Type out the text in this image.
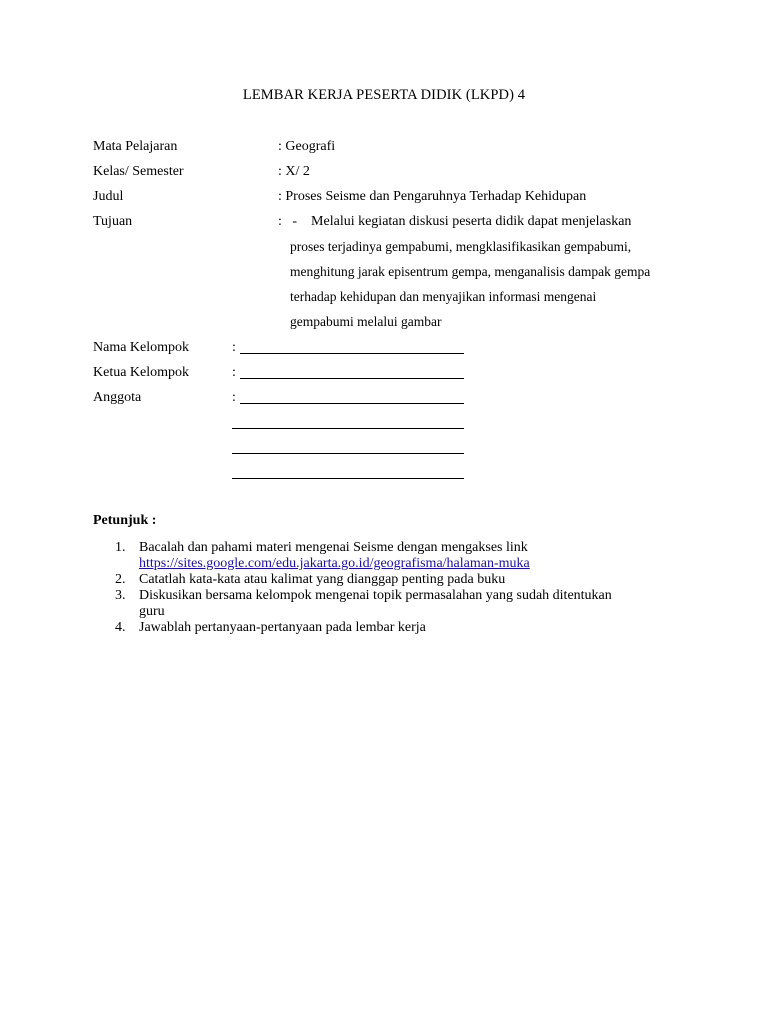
LEMBAR KERJA PESERTA DIDIK (LKPD) 4
Mata Pelajaran	: Geografi
Kelas/ Semester	: X/ 2
Judul	: Proses Seisme dan Pengaruhnya Terhadap Kehidupan
Tujuan	:   -    Melalui kegiatan diskusi peserta didik dapat menjelaskan
proses terjadinya gempabumi, mengklasifikasikan gempabumi,
menghitung jarak episentrum gempa, menganalisis dampak gempa
terhadap kehidupan dan menyajikan informasi mengenai
gempabumi melalui gambar
Nama Kelompok	:
Ketua Kelompok	:
Anggota	:
Petunjuk :
1. Bacalah dan pahami materi mengenai Seisme dengan mengakses link
https://sites.google.com/edu.jakarta.go.id/geografisma/halaman-muka
2. Catatlah kata-kata atau kalimat yang dianggap penting pada buku
3. Diskusikan bersama kelompok mengenai topik permasalahan yang sudah ditentukan guru
4. Jawablah pertanyaan-pertanyaan pada lembar kerja
